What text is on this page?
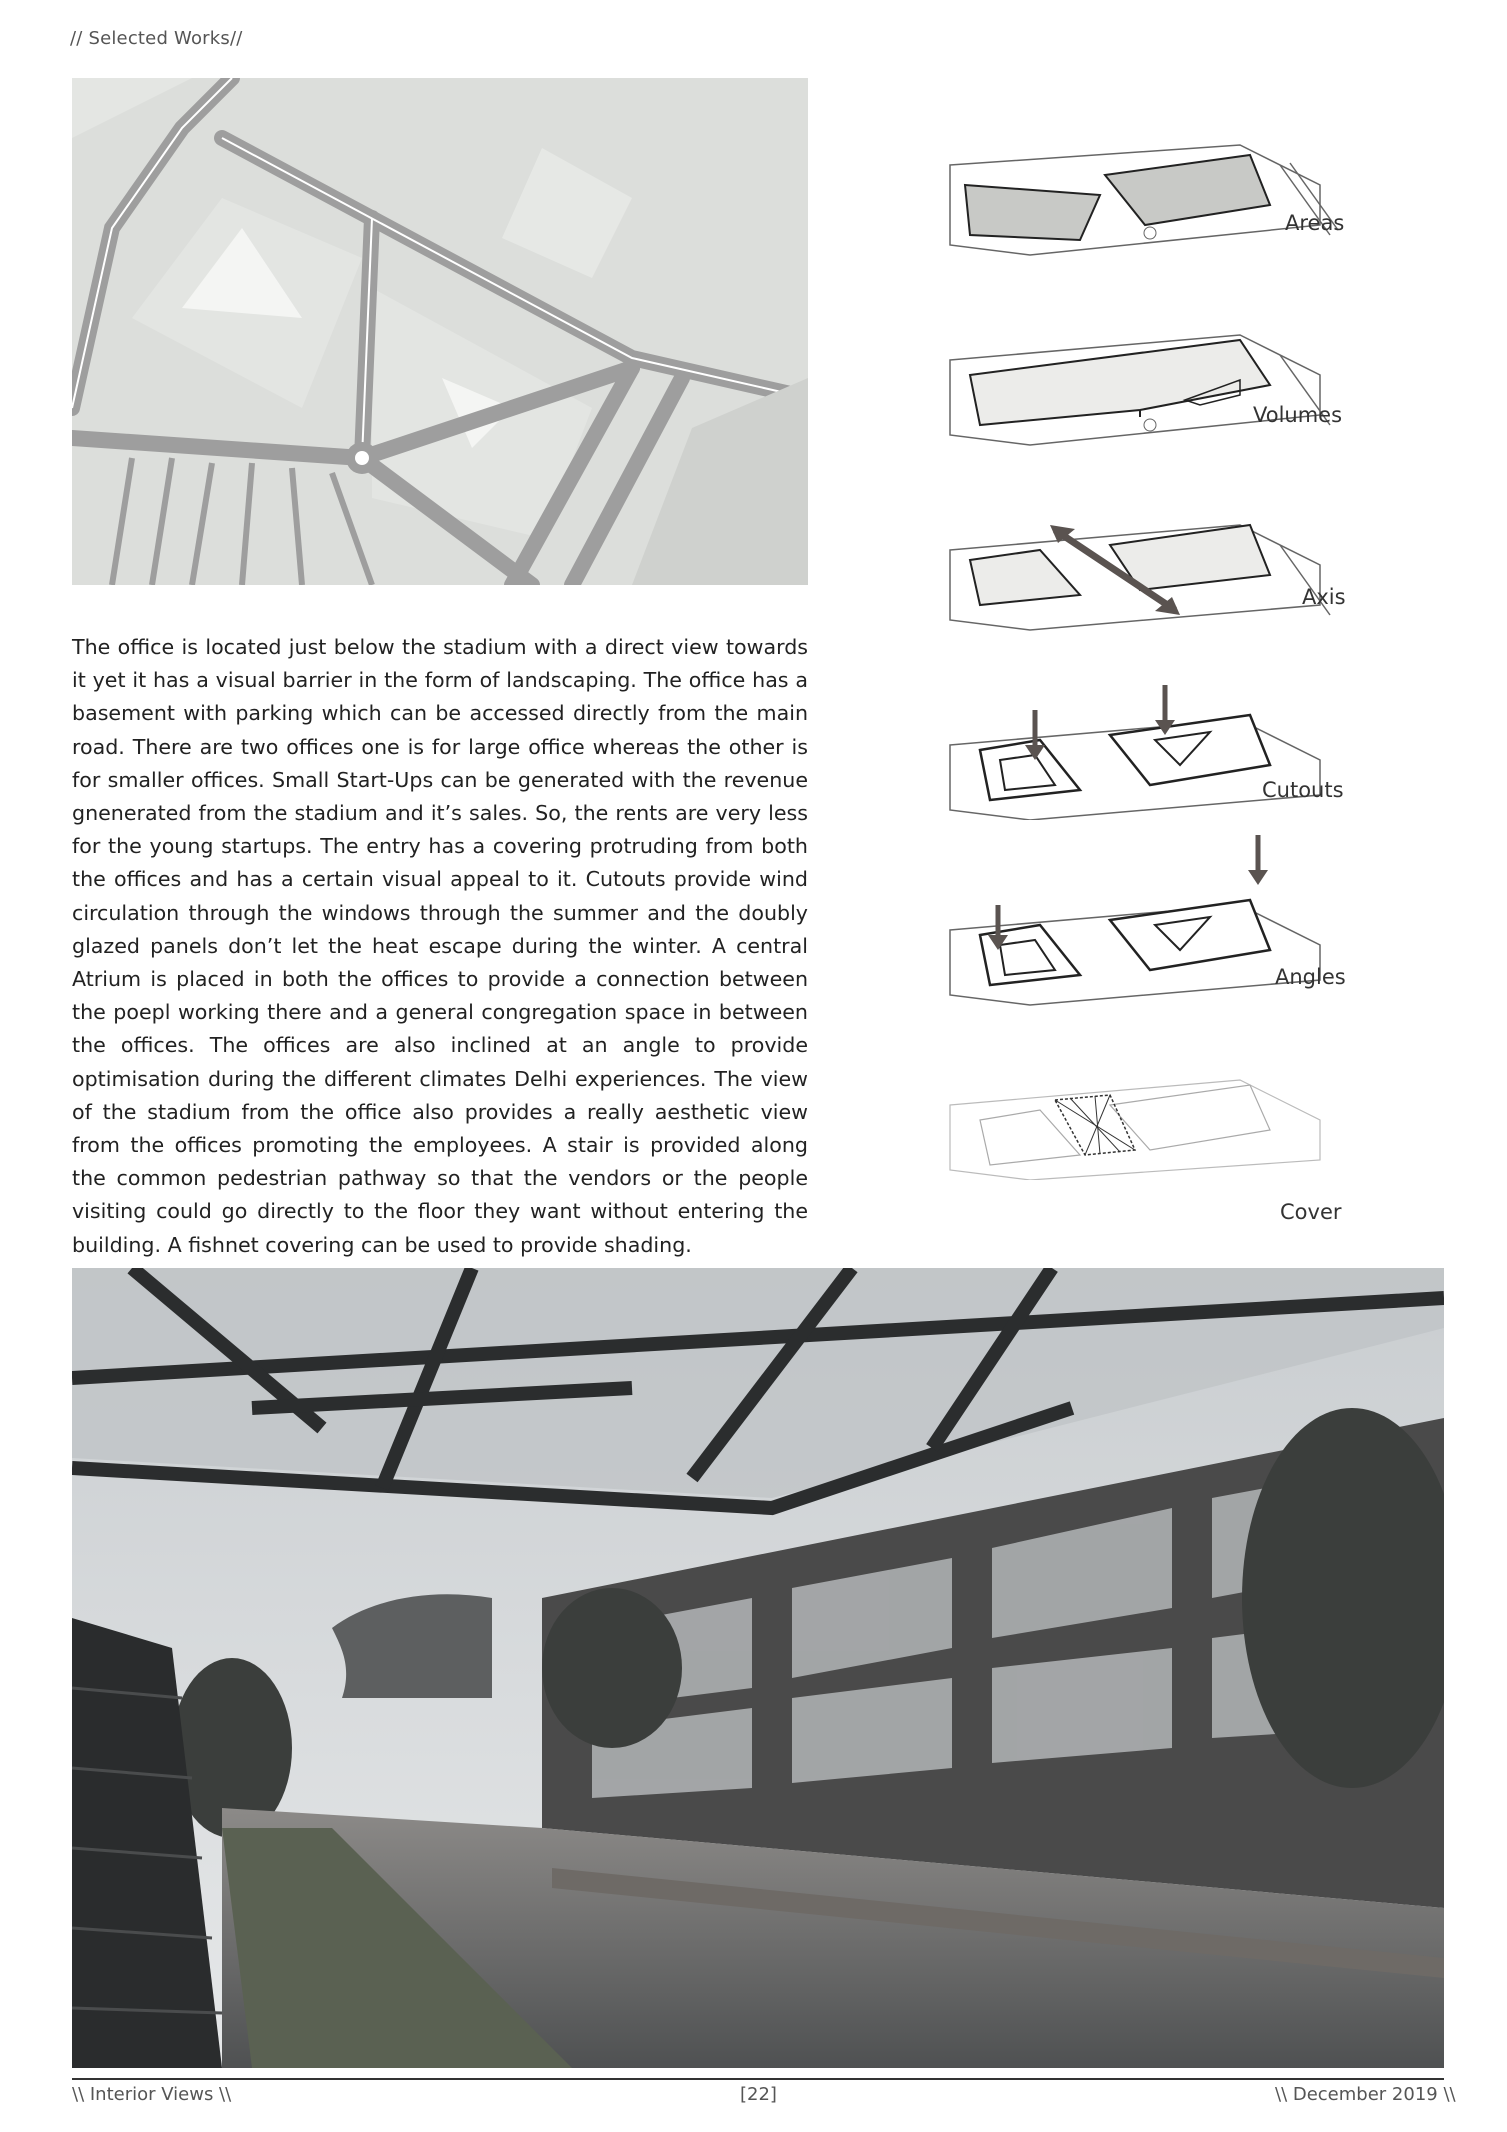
// Selected Works//
The office is located just below the stadium with a direct view towards it yet it has a visual barrier in the form of landscaping. The office has a basement with parking which can be accessed directly from the main road. There are two offices one is for large office whereas the other is for smaller offices. Small Start-Ups can be generated with the revenue gnenerated from the stadium and it’s sales. So, the rents are very less for the young startups. The entry has a covering protruding from both the offices and has a certain visual appeal to it. Cutouts provide wind circulation through the windows through the summer and the doubly glazed panels don’t let the heat escape during the winter. A central Atrium is placed in both the offices to provide a connection between the poepl working there and a general congregation space in between the offices. The offices are also inclined at an angle to provide optimisation during the different climates Delhi experiences. The view of the stadium from the office also provides a really aesthetic view from the offices promoting the employees. A stair is provided along the common pedestrian pathway so that the vendors or the people visiting could go directly to the floor they want without entering the building. A fishnet covering can be used to provide shading.
Areas
Volumes
Axis
Cutouts
Angles
Cover
\\ Interior Views \\	[22]	\\ December 2019 \\
